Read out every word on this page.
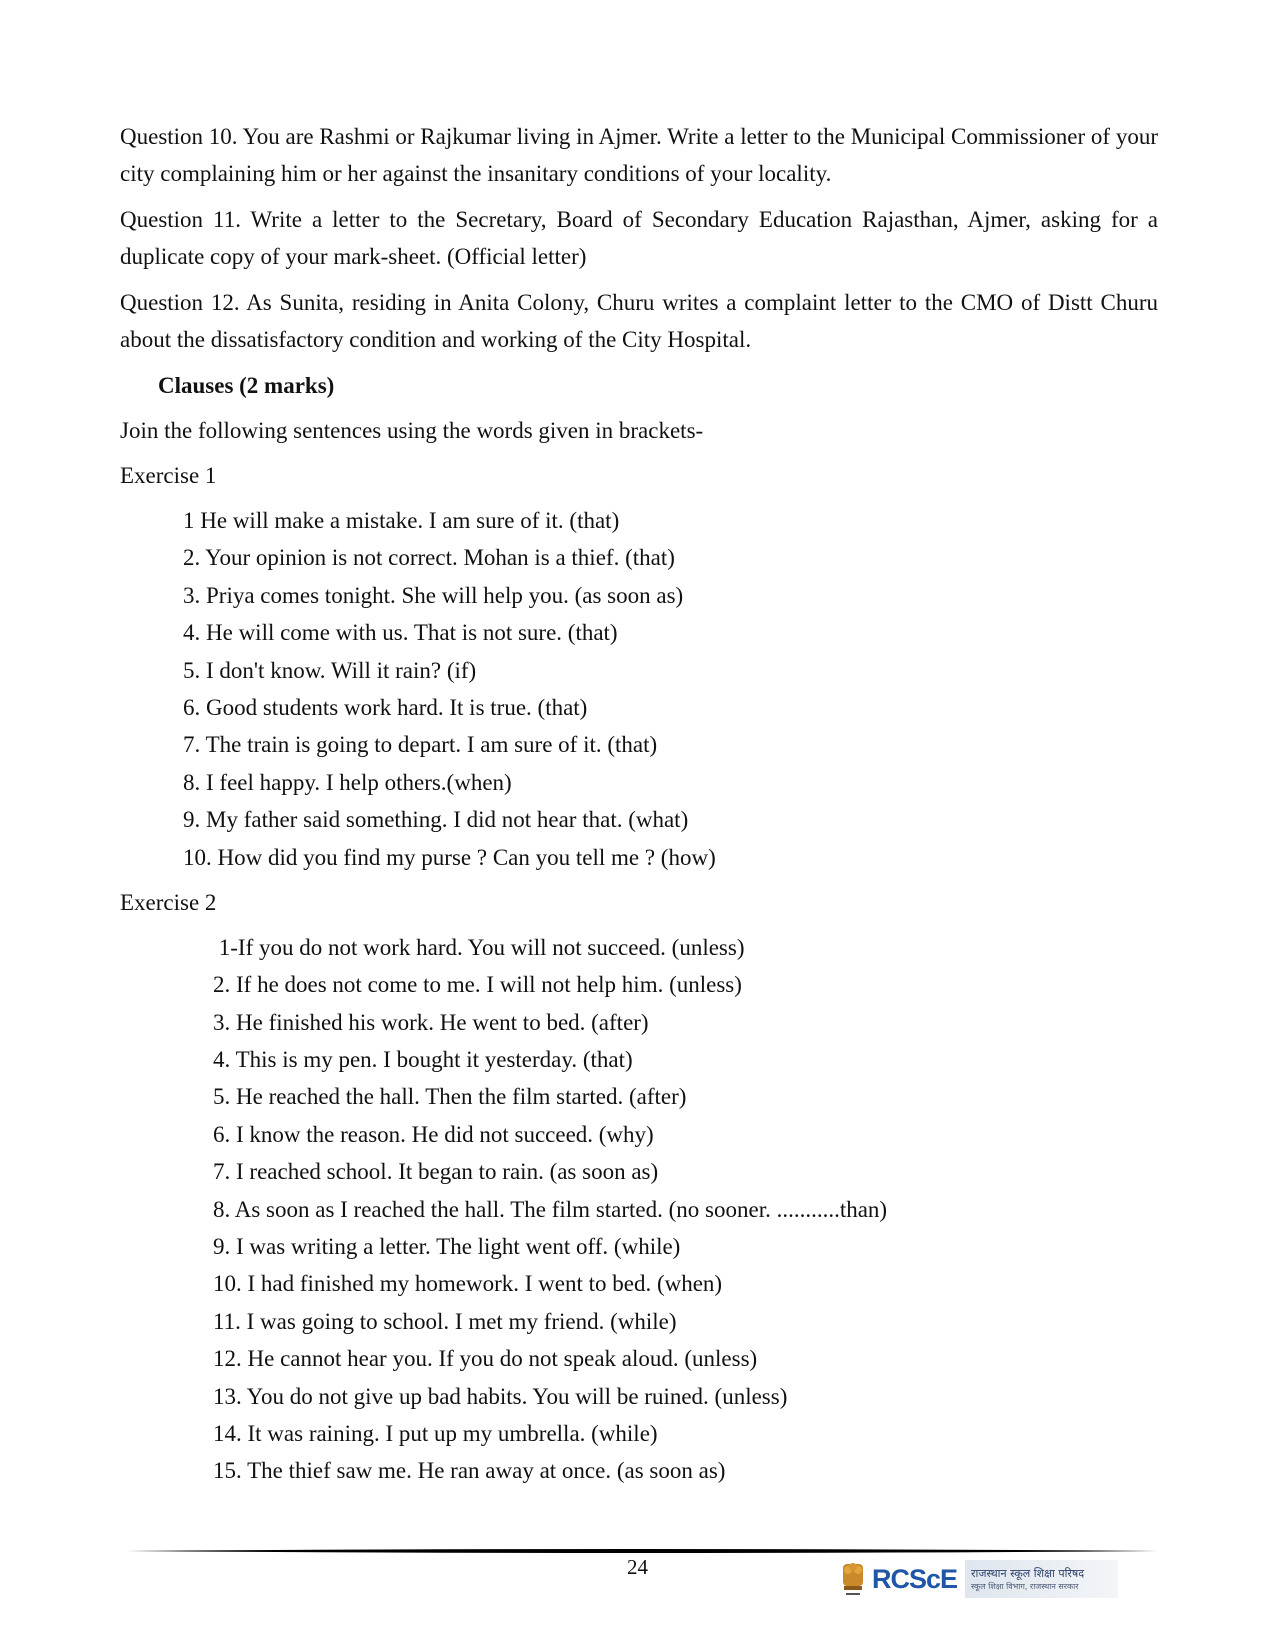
Question 10. You are Rashmi or Rajkumar living in Ajmer. Write a letter to the Municipal Commissioner of your city complaining him or her against the insanitary conditions of your locality.

Question 11. Write a letter to the Secretary, Board of Secondary Education Rajasthan, Ajmer, asking for a duplicate copy of your mark-sheet. (Official letter)

Question 12. As Sunita, residing in Anita Colony, Churu writes a complaint letter to the CMO of Distt Churu about the dissatisfactory condition and working of the City Hospital.

Clauses (2 marks)
Join the following sentences using the words given in brackets-
Exercise 1
1 He will make a mistake. I am sure of it. (that)
2. Your opinion is not correct. Mohan is a thief. (that)
3. Priya comes tonight. She will help you. (as soon as)
4. He will come with us. That is not sure. (that)
5. I don't know. Will it rain? (if)
6. Good students work hard. It is true. (that)
7. The train is going to depart. I am sure of it. (that)
8. I feel happy. I help others.(when)
9. My father said something. I did not hear that. (what)
10. How did you find my purse ? Can you tell me ? (how)
Exercise 2
1-If you do not work hard. You will not succeed. (unless)
2. If he does not come to me. I will not help him. (unless)
3. He finished his work. He went to bed. (after)
4. This is my pen. I bought it yesterday. (that)
5. He reached the hall. Then the film started. (after)
6. I know the reason. He did not succeed. (why)
7. I reached school. It began to rain. (as soon as)
8. As soon as I reached the hall. The film started. (no sooner. ...........than)
9. I was writing a letter. The light went off. (while)
10. I had finished my homework. I went to bed. (when)
11. I was going to school. I met my friend. (while)
12. He cannot hear you. If you do not speak aloud. (unless)
13. You do not give up bad habits. You will be ruined. (unless)
14. It was raining. I put up my umbrella. (while)
15. The thief saw me. He ran away at once. (as soon as)
24	RCScE राजस्थान स्कूल शिक्षा परिषद
स्कूल शिक्षा विभाग, राजस्थान सरकार
